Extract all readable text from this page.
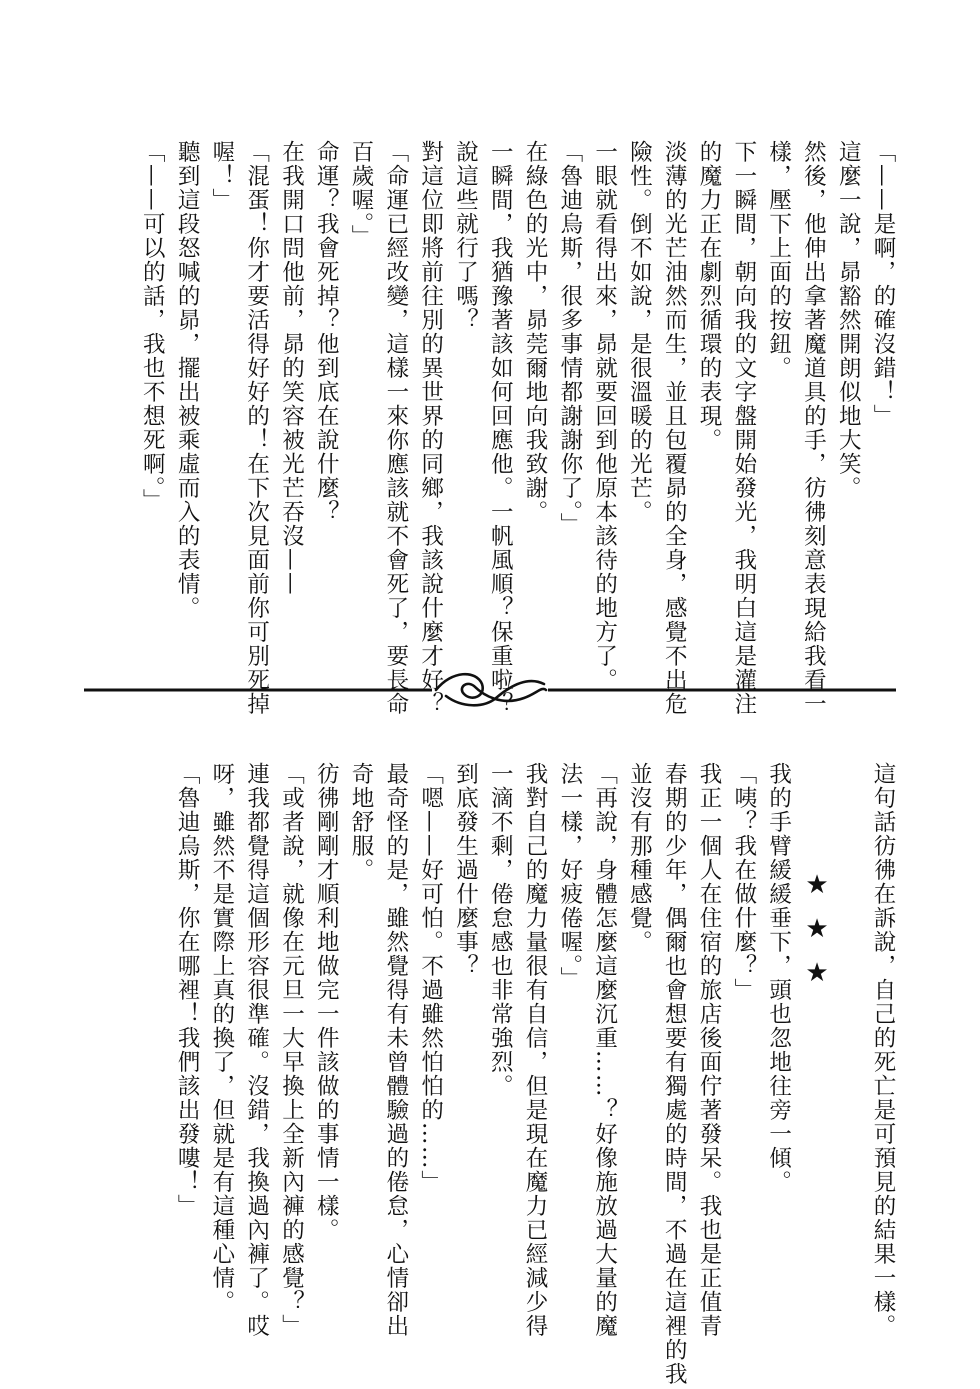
「——是啊，的確沒錯！」

這麼一說，昴豁然開朗似地大笑。

然後，他伸出拿著魔道具的手，彷彿刻意表現給我看一

樣，壓下上面的按鈕。

下一瞬間，朝向我的文字盤開始發光，我明白這是灌注

的魔力正在劇烈循環的表現。

淡薄的光芒油然而生，並且包覆昴的全身，感覺不出危

險性。倒不如說，是很溫暖的光芒。

一眼就看得出來，昴就要回到他原本該待的地方了。

「魯迪烏斯，很多事情都謝謝你了。」

在綠色的光中，昴莞爾地向我致謝。

一瞬間，我猶豫著該如何回應他。一帆風順？保重啦？

說這些就行了嗎？

對這位即將前往別的異世界的同鄉，我該說什麼才好？

「命運已經改變，這樣一來你應該就不會死了，要長命

百歲喔。」

命運？我會死掉？他到底在說什麼？

在我開口問他前，昴的笑容被光芒吞沒——

「混蛋！你才要活得好好的！在下次見面前你可別死掉

喔！」

聽到這段怒喊的昴，擺出被乘虛而入的表情。

「——可以的話，我也不想死啊。」

這句話彷彿在訴說，自己的死亡是可預見的結果一樣。

我的手臂緩緩垂下，頭也忽地往旁一傾。

「咦？我在做什麼？」

我正一個人在住宿的旅店後面佇著發呆。我也是正值青

春期的少年，偶爾也會想要有獨處的時間，不過在這裡的我

並沒有那種感覺。

「再說，身體怎麼這麼沉重……？好像施放過大量的魔

法一樣，好疲倦喔。」

我對自己的魔力量很有自信，但是現在魔力已經減少得

一滴不剩，倦怠感也非常強烈。

到底發生過什麼事？

「嗯——好可怕。不過雖然怕怕的……」

最奇怪的是，雖然覺得有未曾體驗過的倦怠，心情卻出

奇地舒服。

彷彿剛剛才順利地做完一件該做的事情一樣。

「或者說，就像在元旦一大早換上全新內褲的感覺？」

連我都覺得這個形容很準確。沒錯，我換過內褲了。哎

呀，雖然不是實際上真的換了，但就是有這種心情。

「魯迪烏斯，你在哪裡！我們該出發嘍！」	★★★
